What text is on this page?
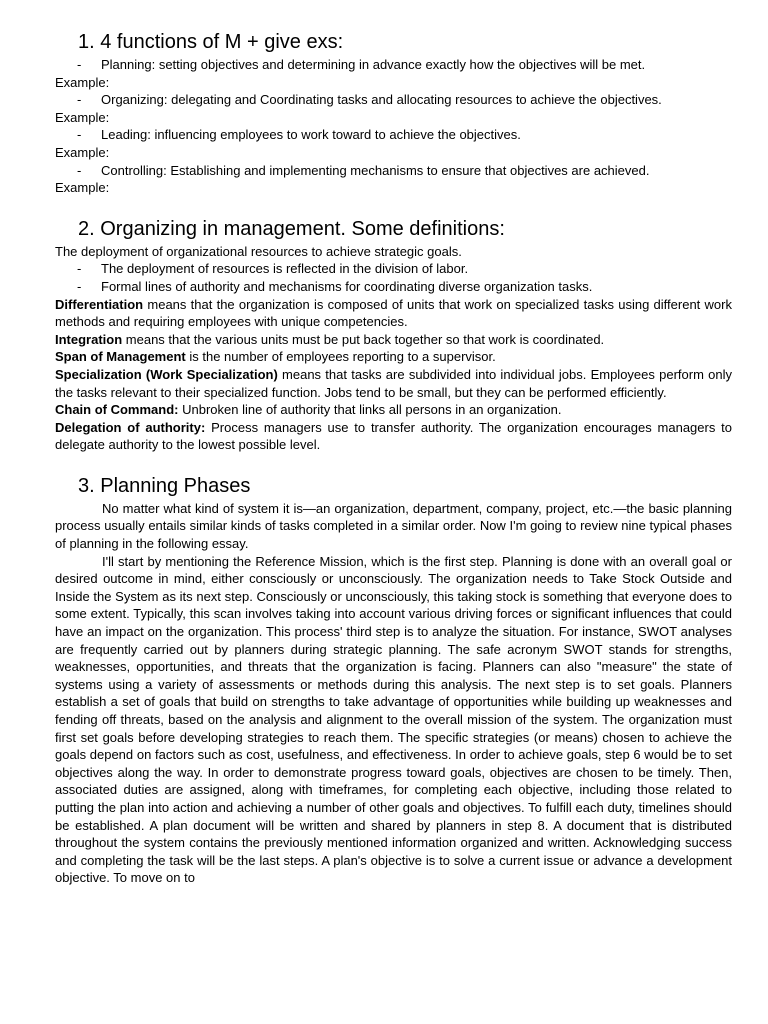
1. 4 functions of M + give exs:
-	Planning: setting objectives and determining in advance exactly how the objectives will be met.

Example:

-	Organizing: delegating and Coordinating tasks and allocating resources to achieve the objectives.

Example:

-	Leading: influencing employees to work toward to achieve the objectives.

Example:

-	Controlling: Establishing and implementing mechanisms to ensure that objectives are achieved.

Example:

2. Organizing in management. Some definitions:

The deployment of organizational resources to achieve strategic goals.

-	The deployment of resources is reflected in the division of labor.
-	Formal lines of authority and mechanisms for coordinating diverse organization tasks.

Differentiation means that the organization is composed of units that work on specialized tasks using different work methods and requiring employees with unique competencies.

Integration means that the various units must be put back together so that work is coordinated.

Span of Management is the number of employees reporting to a supervisor.

Specialization (Work Specialization) means that tasks are subdivided into individual jobs. Employees perform only the tasks relevant to their specialized function. Jobs tend to be small, but they can be performed efficiently.

Chain of Command: Unbroken line of authority that links all persons in an organization.

Delegation of authority: Process managers use to transfer authority. The organization encourages managers to delegate authority to the lowest possible level.

3. Planning Phases

No matter what kind of system it is—an organization, department, company, project, etc.—the basic planning process usually entails similar kinds of tasks completed in a similar order. Now I'm going to review nine typical phases of planning in the following essay.

I'll start by mentioning the Reference Mission, which is the first step. Planning is done with an overall goal or desired outcome in mind, either consciously or unconsciously. The organization needs to Take Stock Outside and Inside the System as its next step. Consciously or unconsciously, this taking stock is something that everyone does to some extent. Typically, this scan involves taking into account various driving forces or significant influences that could have an impact on the organization. This process' third step is to analyze the situation. For instance, SWOT analyses are frequently carried out by planners during strategic planning. The safe acronym SWOT stands for strengths, weaknesses, opportunities, and threats that the organization is facing. Planners can also "measure" the state of systems using a variety of assessments or methods during this analysis. The next step is to set goals. Planners establish a set of goals that build on strengths to take advantage of opportunities while building up weaknesses and fending off threats, based on the analysis and alignment to the overall mission of the system. The organization must first set goals before developing strategies to reach them. The specific strategies (or means) chosen to achieve the goals depend on factors such as cost, usefulness, and effectiveness. In order to achieve goals, step 6 would be to set objectives along the way. In order to demonstrate progress toward goals, objectives are chosen to be timely. Then, associated duties are assigned, along with timeframes, for completing each objective, including those related to putting the plan into action and achieving a number of other goals and objectives. To fulfill each duty, timelines should be established. A plan document will be written and shared by planners in step 8. A document that is distributed throughout the system contains the previously mentioned information organized and written. Acknowledging success and completing the task will be the last steps. A plan's objective is to solve a current issue or advance a development objective. To move on to
